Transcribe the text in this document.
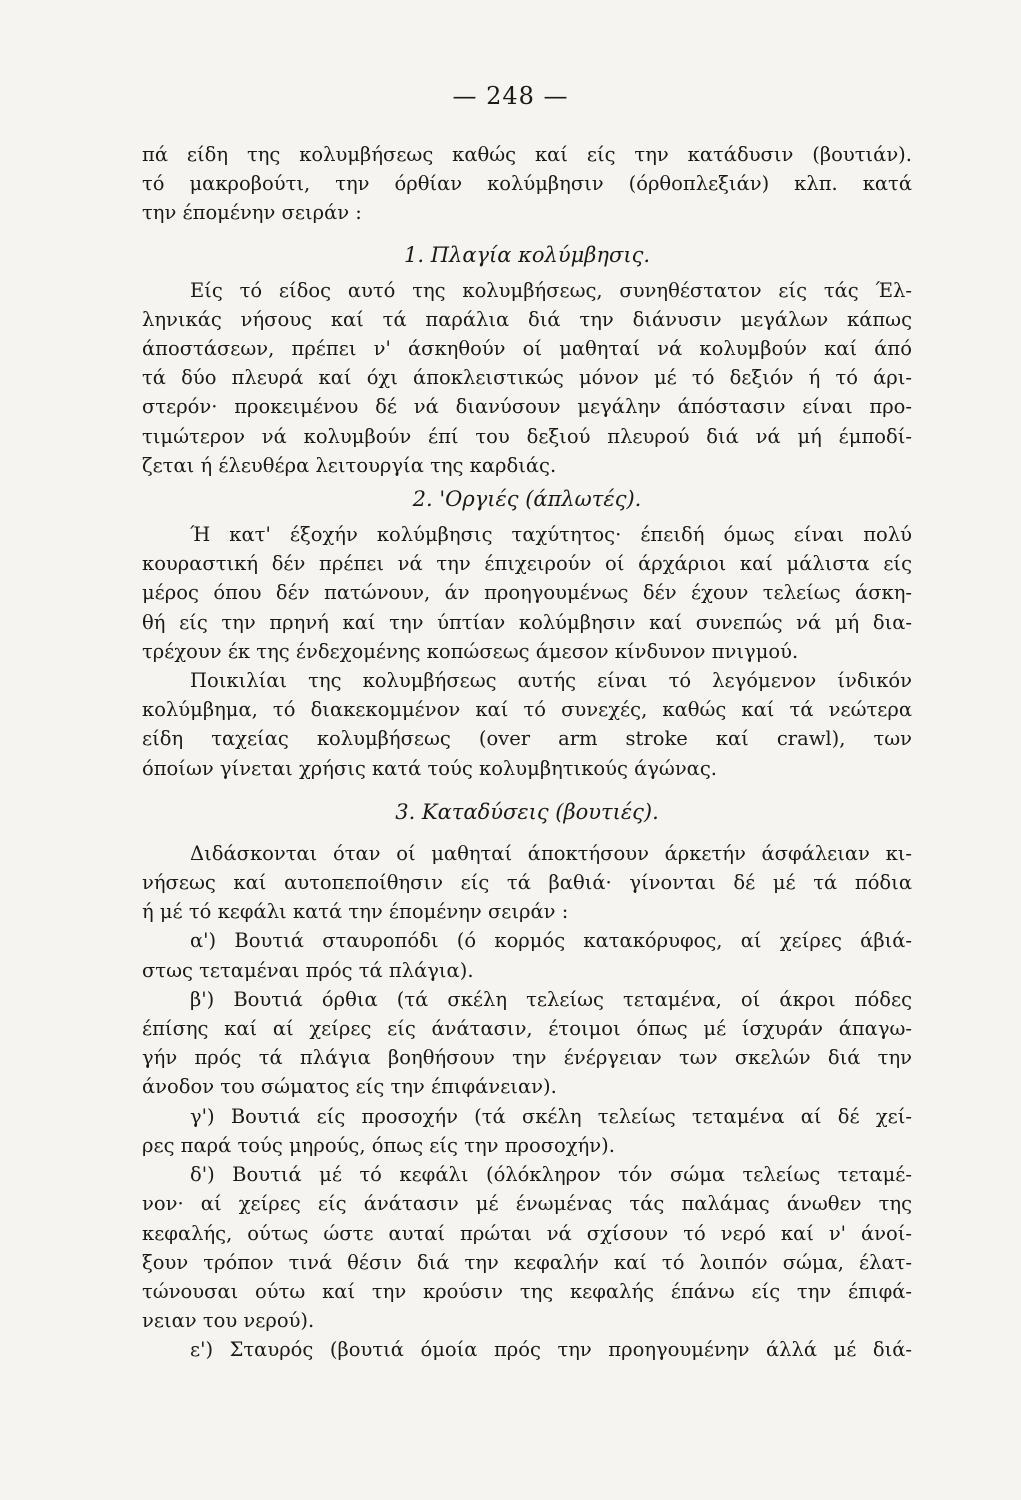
— 248 —
πά είδη της κολυμβήσεως καθώς καί είς την κατάδυσιν (βουτιάν).
τό μακροβούτι, την όρθίαν κολύμβησιν (όρθοπλεξιάν) κλπ. κατά
την έπομένην σειράν :
1. Πλαγία κολύμβησις.
Είς τό είδος αυτό της κολυμβήσεως, συνηθέστατον είς τάς Έλ-
ληνικάς νήσους καί τά παράλια διά την διάνυσιν μεγάλων κάπως
άποστάσεων, πρέπει ν' άσκηθούν οί μαθηταί νά κολυμβούν καί άπό
τά δύο πλευρά καί όχι άποκλειστικώς μόνον μέ τό δεξιόν ή τό άρι-
στερόν· προκειμένου δέ νά διανύσουν μεγάλην άπόστασιν είναι προ-
τιμώτερον νά κολυμβούν έπί του δεξιού πλευρού διά νά μή έμποδί-
ζεται ή έλευθέρα λειτουργία της καρδιάς.
2. 'Οργιές (άπλωτές).
Ή κατ' έξοχήν κολύμβησις ταχύτητος· έπειδή όμως είναι πολύ
κουραστική δέν πρέπει νά την έπιχειρούν οί άρχάριοι καί μάλιστα είς
μέρος όπου δέν πατώνουν, άν προηγουμένως δέν έχουν τελείως άσκη-
θή είς την πρηνή καί την ύπτίαν κολύμβησιν καί συνεπώς νά μή δια-
τρέχουν έκ της ένδεχομένης κοπώσεως άμεσον κίνδυνον πνιγμού.
Ποικιλίαι της κολυμβήσεως αυτής είναι τό λεγόμενον ίνδικόν
κολύμβημα, τό διακεκομμένον καί τό συνεχές, καθώς καί τά νεώτερα
είδη ταχείας κολυμβήσεως (over arm stroke καί crawl), των
όποίων γίνεται χρήσις κατά τούς κολυμβητικούς άγώνας.
3. Καταδύσεις (βουτιές).
Διδάσκονται όταν οί μαθηταί άποκτήσουν άρκετήν άσφάλειαν κι-
νήσεως καί αυτοπεποίθησιν είς τά βαθιά· γίνονται δέ μέ τά πόδια
ή μέ τό κεφάλι κατά την έπομένην σειράν :
α') Βουτιά σταυροπόδι (ό κορμός κατακόρυφος, αί χείρες άβιά-
στως τεταμέναι πρός τά πλάγια).
β') Βουτιά όρθια (τά σκέλη τελείως τεταμένα, οί άκροι πόδες
έπίσης καί αί χείρες είς άνάτασιν, έτοιμοι όπως μέ ίσχυράν άπαγω-
γήν πρός τά πλάγια βοηθήσουν την ένέργειαν των σκελών διά την
άνοδον του σώματος είς την έπιφάνειαν).
γ') Βουτιά είς προσοχήν (τά σκέλη τελείως τεταμένα αί δέ χεί-
ρες παρά τούς μηρούς, όπως είς την προσοχήν).
δ') Βουτιά μέ τό κεφάλι (όλόκληρον τόν σώμα τελείως τεταμέ-
νον· αί χείρες είς άνάτασιν μέ ένωμένας τάς παλάμας άνωθεν της
κεφαλής, ούτως ώστε αυταί πρώται νά σχίσουν τό νερό καί ν' άνοί-
ξουν τρόπον τινά θέσιν διά την κεφαλήν καί τό λοιπόν σώμα, έλατ-
τώνουσαι ούτω καί την κρούσιν της κεφαλής έπάνω είς την έπιφά-
νειαν του νερού).
ε') Σταυρός (βουτιά όμοία πρός την προηγουμένην άλλά μέ διά-
